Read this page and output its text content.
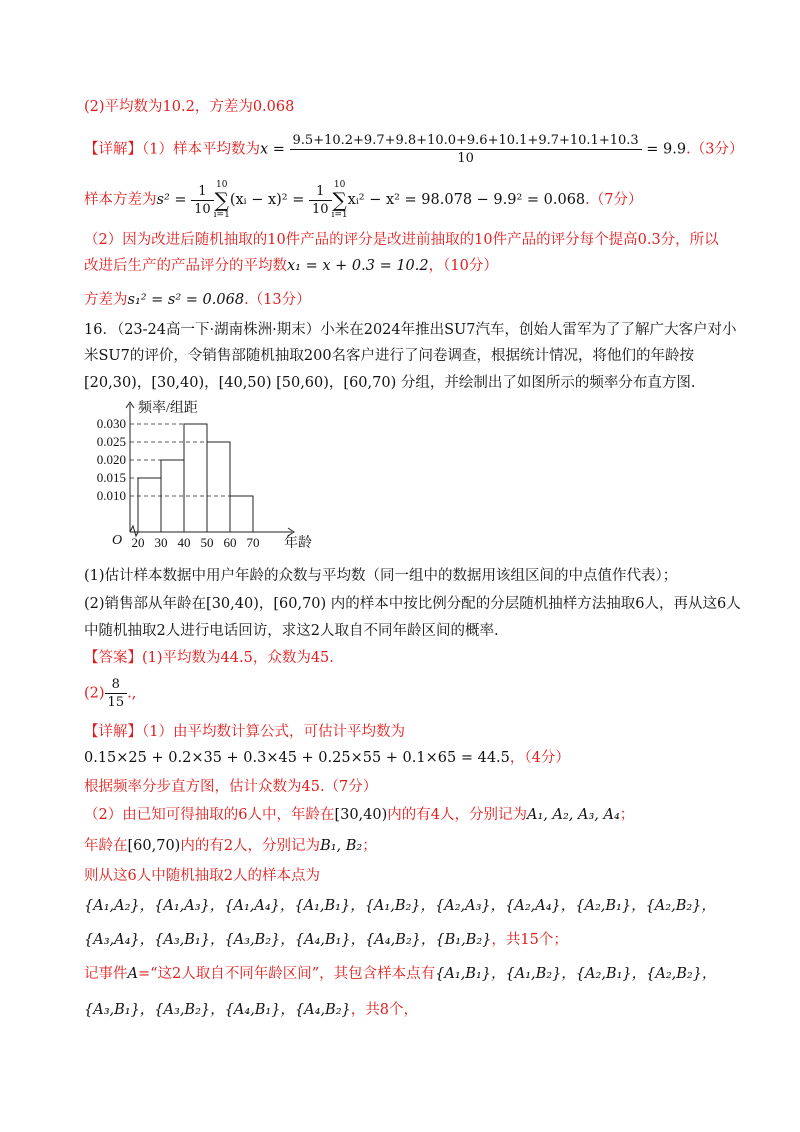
(2)平均数为10.2，方差为0.068
【详解】（1）样本平均数为$x = \frac{9.5+10.2+9.7+9.8+10.0+9.6+10.1+9.7+10.1+10.3}{10} = 9.9.(3$分）
样本方差为$s^2 = \frac{1}{10} 10$
∑
i=1(xᵢ − $x)^2 = \frac{1}{10} 10$
∑
i=1xᵢ² − x² = 98.078 − 9.9² = 0.068.（7分）
（2）因为改进后随机抽取的10件产品的评分是改进前抽取的10件产品的评分每个提高0.3分，所以
改进后生产的产品评分的平均数x₁ = x + 0.3 = 10.2，（10分）
方差为s₁² = s² = 0.068.（13分）
16．（23-24高一下·湖南株洲·期末）小米在2024年推出SU7汽车，创始人雷军为了了解广大客户对小
米SU7的评价，令销售部随机抽取200名客户进行了问卷调查，根据统计情况，将他们的年龄按
[20,30)，[30,40)，[40,50) [50,60)，[60,70) 分组，并绘制出了如图所示的频率分布直方图.
0.030
0.025
0.020
0.015
0.010
20 30 40 50 60 70
O
频率/组距
年龄
(1)估计样本数据中用户年龄的众数与平均数（同一组中的数据用该组区间的中点值作代表）；
(2)销售部从年龄在[30,40)，[60,70) 内的样本中按比例分配的分层随机抽样方法抽取6人，再从这6人
中随机抽取2人进行电话回访，求这2人取自不同年龄区间的概率.
【答案】(1)平均数为44.5，众数为45.
$(2) \frac{8}{15}$ .,
【详解】（1）由平均数计算公式，可估计平均数为
0.15×25 + 0.2×35 + 0.3×45 + 0.25×55 + 0.1×65 = 44.5，（4分）
根据频率分步直方图，估计众数为45.（7分）
（2）由已知可得抽取的6人中，年龄在[30,40)内的有4人，分别记为A₁, A₂, A₃, A₄；
年龄在[60,70)内的有2人，分别记为B₁, B₂；
则从这6人中随机抽取2人的样本点为
{A₁,A₂}，{A₁,A₃}，{A₁,A₄}，{A₁,B₁}，{A₁,B₂}，{A₂,A₃}，{A₂,A₄}，{A₂,B₁}，{A₂,B₂}，
{A₃,A₄}，{A₃,B₁}，{A₃,B₂}，{A₄,B₁}，{A₄,B₂}，{B₁,B₂}，共15个；
记事件A=“这2人取自不同年龄区间”，其包含样本点有{A₁,B₁}，{A₁,B₂}，{A₂,B₁}，{A₂,B₂}，
{A₃,B₁}，{A₃,B₂}，{A₄,B₁}，{A₄,B₂}，共8个，
